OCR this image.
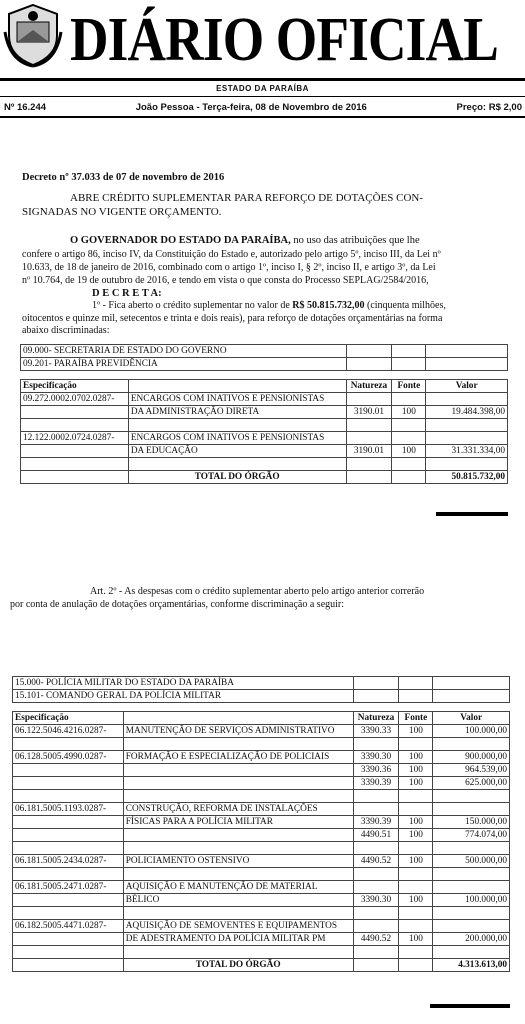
DIÁRIO OFICIAL
ESTADO DA PARAÍBA
Nº 16.244	João Pessoa - Terça-feira, 08 de Novembro de 2016	Preço: R$ 2,00
Decreto nº 37.033 de 07 de novembro de 2016
ABRE CRÉDITO SUPLEMENTAR PARA REFORÇO DE DOTAÇÕES CON-
SIGNADAS NO VIGENTE ORÇAMENTO.
O GOVERNADOR DO ESTADO DA PARAÍBA, no uso das atribuições que lhe
confere o artigo 86, inciso IV, da Constituição do Estado e, autorizado pelo artigo 5º, inciso III, da Lei nº
10.633, de 18 de janeiro de 2016, combinado com o artigo 1º, inciso I, § 2º, inciso II, e artigo 3º, da Lei
nº 10.764, de 19 de outubro de 2016, e tendo em vista o que consta do Processo SEPLAG/2584/2016,
D E C R E T A:
1º - Fica aberto o crédito suplementar no valor de R$ 50.815.732,00 (cinquenta milhões,
oitocentos e quinze mil, setecentos e trinta e dois reais), para reforço de dotações orçamentárias na forma
abaixo discriminadas:
09.000- SECRETARIA DE ESTADO DO GOVERNO				
09.201- PARAÍBA PREVIDÊNCIA				

Especificação		Natureza	Fonte	Valor
09.272.0002.0702.0287-	ENCARGOS COM INATIVOS E PENSIONISTAS			
	DA ADMINISTRAÇÃO DIRETA	3190.01	100	19.484.398,00

12.122.0002.0724.0287-	ENCARGOS COM INATIVOS E PENSIONISTAS			
	DA EDUCAÇÃO	3190.01	100	31.331.334,00

	TOTAL DO ÓRGÃO			50.815.732,00
Art. 2º - As despesas com o crédito suplementar aberto pelo artigo anterior correrão
por conta de anulação de dotações orçamentárias, conforme discriminação a seguir:
15.000- POLÍCIA MILITAR DO ESTADO DA PARAÍBA				
15.101- COMANDO GERAL DA POLÍCIA MILITAR				

Especificação		Natureza	Fonte	Valor
06.122.5046.4216.0287-	MANUTENÇÃO DE SERVIÇOS ADMINISTRATIVO	3390.33	100	100.000,00

06.128.5005.4990.0287-	FORMAÇÃO E ESPECIALIZAÇÃO DE POLICIAIS	3390.30	100	900.000,00
		3390.36	100	964.539,00
		3390.39	100	625.000,00

06.181.5005.1193.0287-	CONSTRUÇÃO, REFORMA DE INSTALAÇÕES			
	FÍSICAS PARA A POLÍCIA MILITAR	3390.39	100	150.000,00
		4490.51	100	774.074,00

06.181.5005.2434.0287-	POLICIAMENTO OSTENSIVO	4490.52	100	500.000,00

06.181.5005.2471.0287-	AQUISIÇÃO E MANUTENÇÃO DE MATERIAL			
	BÉLICO	3390.30	100	100.000,00

06.182.5005.4471.0287-	AQUISIÇÃO DE SEMOVENTES E EQUIPAMENTOS			
	DE ADESTRAMENTO DA POLÍCIA MILITAR PM	4490.52	100	200.000,00

	TOTAL DO ÓRGÃO			4.313.613,00
